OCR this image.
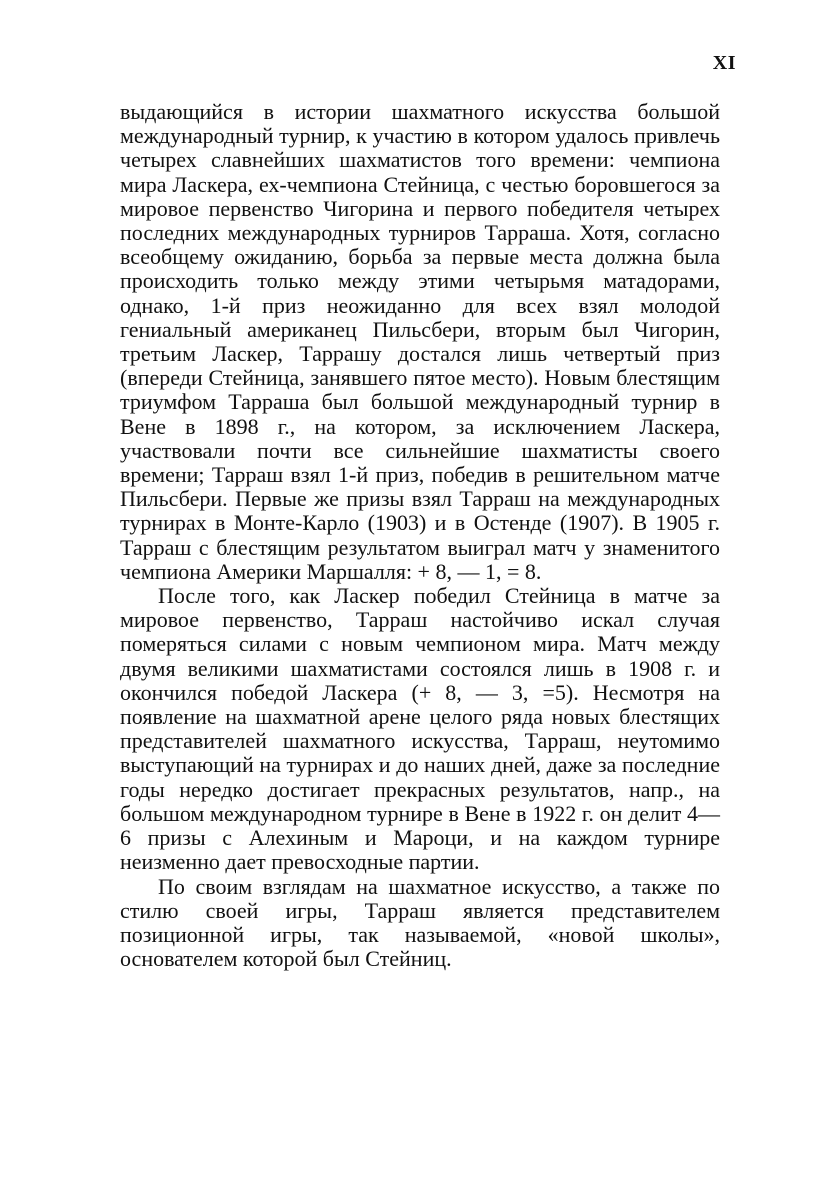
XI

выдающийся в истории шахматного искусства большой международный турнир, к участию в котором удалось привлечь четырех славнейших шахматистов того времени: чемпиона мира Ласкера, ех-чемпиона Стейница, с честью боровшегося за мировое первенство Чигорина и первого победителя четырех последних международных турниров Тарраша. Хотя, согласно всеобщему ожиданию, борьба за первые места должна была происходить только между этими четырьмя матадорами, однако, 1-й приз неожиданно для всех взял молодой гениальный американец Пильсбери, вторым был Чигорин, третьим Ласкер, Таррашу достался лишь четвертый приз (впереди Стейница, занявшего пятое место). Новым блестящим триумфом Тарраша был большой международный турнир в Вене в 1898 г., на котором, за исключением Ласкера, участвовали почти все сильнейшие шахматисты своего времени; Тарраш взял 1-й приз, победив в решительном матче Пильсбери. Первые же призы взял Тарраш на международных турнирах в Монте-Карло (1903) и в Остенде (1907). В 1905 г. Тарраш с блестящим результатом выиграл матч у знаменитого чемпиона Америки Маршалля: + 8, — 1, = 8.

После того, как Ласкер победил Стейница в матче за мировое первенство, Тарраш настойчиво искал случая померяться силами с новым чемпионом мира. Матч между двумя великими шахматистами состоялся лишь в 1908 г. и окончился победой Ласкера (+ 8, — 3, =5). Несмотря на появление на шахматной арене целого ряда новых блестящих представителей шахматного искусства, Тарраш, неутомимо выступающий на турнирах и до наших дней, даже за последние годы нередко достигает прекрасных результатов, напр., на большом международном турнире в Вене в 1922 г. он делит 4—6 призы с Алехиным и Мароци, и на каждом турнире неизменно дает превосходные партии.

По своим взглядам на шахматное искусство, а также по стилю своей игры, Тарраш является представителем позиционной игры, так называемой, «новой школы», основателем которой был Стейниц.
